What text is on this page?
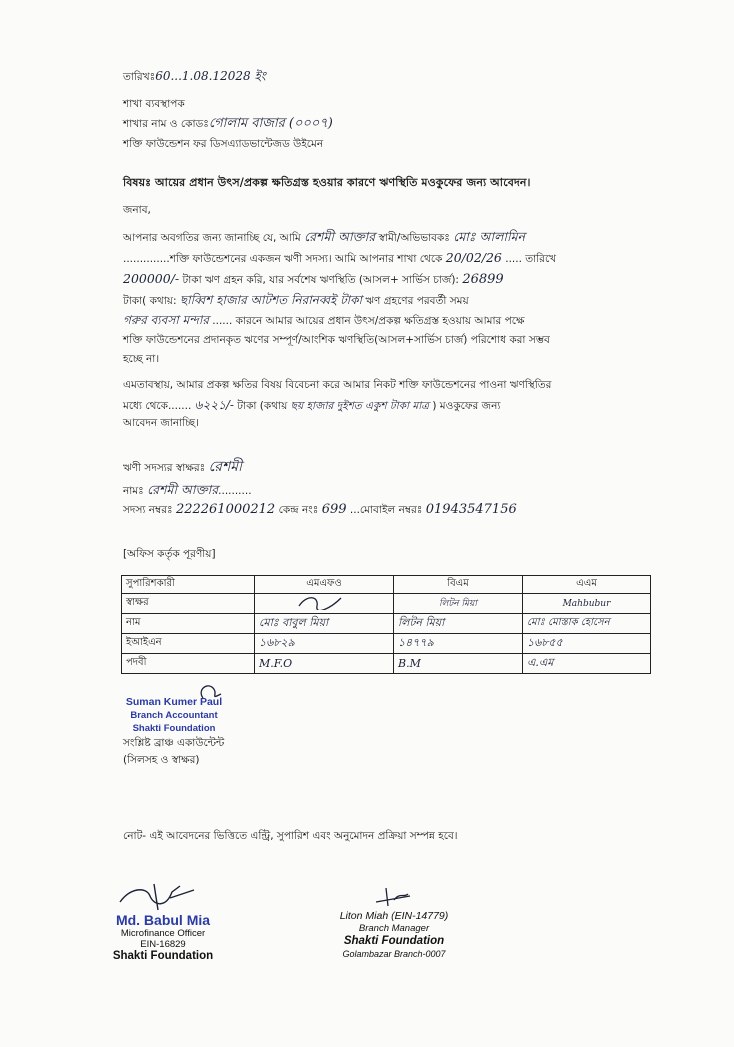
তারিখঃ60...1.08.12028 ইং
শাখা ব্যবস্থাপক
শাখার নাম ও কোডঃগোলাম বাজার (০০০৭)
শক্তি ফাউন্ডেশন ফর ডিসএ্যাডভান্টেজড উইমেন
বিষয়ঃ আয়ের প্রধান উৎস/প্রকল্প ক্ষতিগ্রস্ত হওয়ার কারণে ঋণস্থিতি মওকুফের জন্য আবেদন।
জনাব,
আপনার অবগতির জন্য জানাচ্ছি যে, আমি রেশমী আক্তার স্বামী/অভিভাবকঃ মোঃ আলামিন
..............শক্তি ফাউন্ডেশনের একজন ঋণী সদস্য। আমি আপনার শাখা থেকে 20/02/26 ..... তারিখে
200000/- টাকা ঋণ গ্রহন করি, যার সর্বশেষ ঋণস্থিতি (আসল+ সার্ভিস চার্জ): 26899
টাকা( কথায়: ছাব্বিশ হাজার আটশত নিরানব্বই টাকা ঋণ গ্রহণের পরবর্তী সময়
গরুর ব্যবসা মন্দার ...... কারনে আমার আয়ের প্রধান উৎস/প্রকল্প ক্ষতিগ্রস্ত হওয়ায় আমার পক্ষে
শক্তি ফাউন্ডেশনের প্রদানকৃত ঋণের সম্পূর্ণ/আংশিক ঋণস্থিতি(আসল+সার্ভিস চার্জ) পরিশোধ করা সম্ভব
হচ্ছে না।
এমতাবস্থায়, আমার প্রকল্প ক্ষতির বিষয় বিবেচনা করে আমার নিকট শক্তি ফাউন্ডেশনের পাওনা ঋণস্থিতির
মধ্যে থেকে....... ৬২২১/- টাকা (কথায় ছয় হাজার দুইশত একুশ টাকা মাত্র ) মওকুফের জন্য
আবেদন জানাচ্ছি।
ঋণী সদস্যর স্বাক্ষরঃ রেশমী
নামঃ রেশমী আক্তার..........
সদস্য নম্বরঃ 222261000212 কেন্দ্র নংঃ 699 ...মোবাইল নম্বরঃ 01943547156
[অফিস কর্তৃক পূরণীয়]
সুপারিশকারী	এমএফও	বিএম	এএম
স্বাক্ষর		লিটন মিয়া	Mahbubur
নাম	মোঃ বাবুল মিয়া	লিটন মিয়া	মোঃ মোস্তাক হোসেন
ইআইএন	১৬৮২৯	১৪৭৭৯	১৬৮৫৫
পদবী	M.F.O	B.M	এ.এম
Suman Kumer Paul
Branch Accountant
Shakti Foundation
সংশ্লিষ্ট ব্রাঞ্চ একাউন্টেন্ট
(সিলসহ ও স্বাক্ষর)
নোট- এই আবেদনের ভিত্তিতে এন্ট্রি, সুপারিশ এবং অনুমোদন প্রক্রিয়া সম্পন্ন হবে।
Md. Babul Mia
Microfinance Officer
EIN-16829
Shakti Foundation
Liton Miah (EIN-14779)
Branch Manager
Shakti Foundation
Golambazar Branch-0007
